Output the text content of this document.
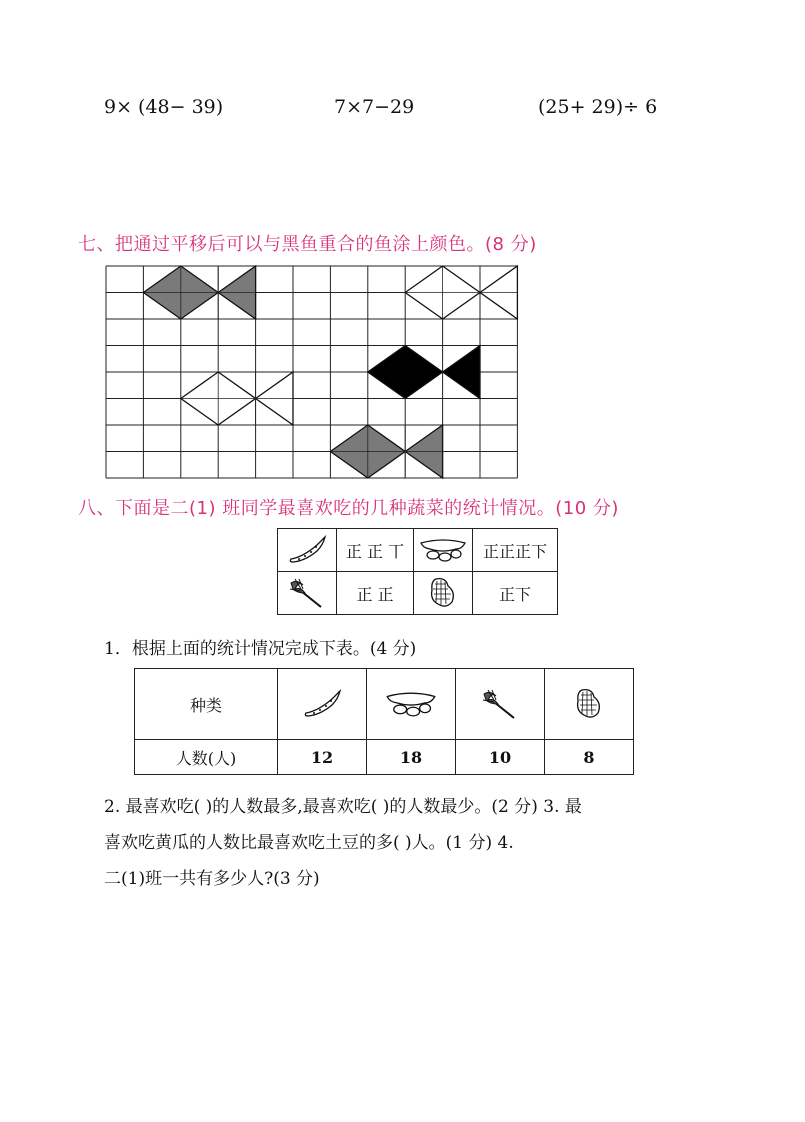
9× (48− 39)	7×7−29	(25+ 29)÷ 6
七、把通过平移后可以与黑鱼重合的鱼涂上颜色。(8 分)
八、下面是二(1) 班同学最喜欢吃的几种蔬菜的统计情况。(10 分)
	正 正 丅		正正正下

	正 正		正下
1．根据上面的统计情况完成下表。(4 分)
种类	

人数(人)	12	18	10	8
2. 最喜欢吃( )的人数最多,最喜欢吃( )的人数最少。(2 分) 3. 最
喜欢吃黄瓜的人数比最喜欢吃土豆的多( )人。(1 分) 4.
二(1)班一共有多少人?(3 分)
